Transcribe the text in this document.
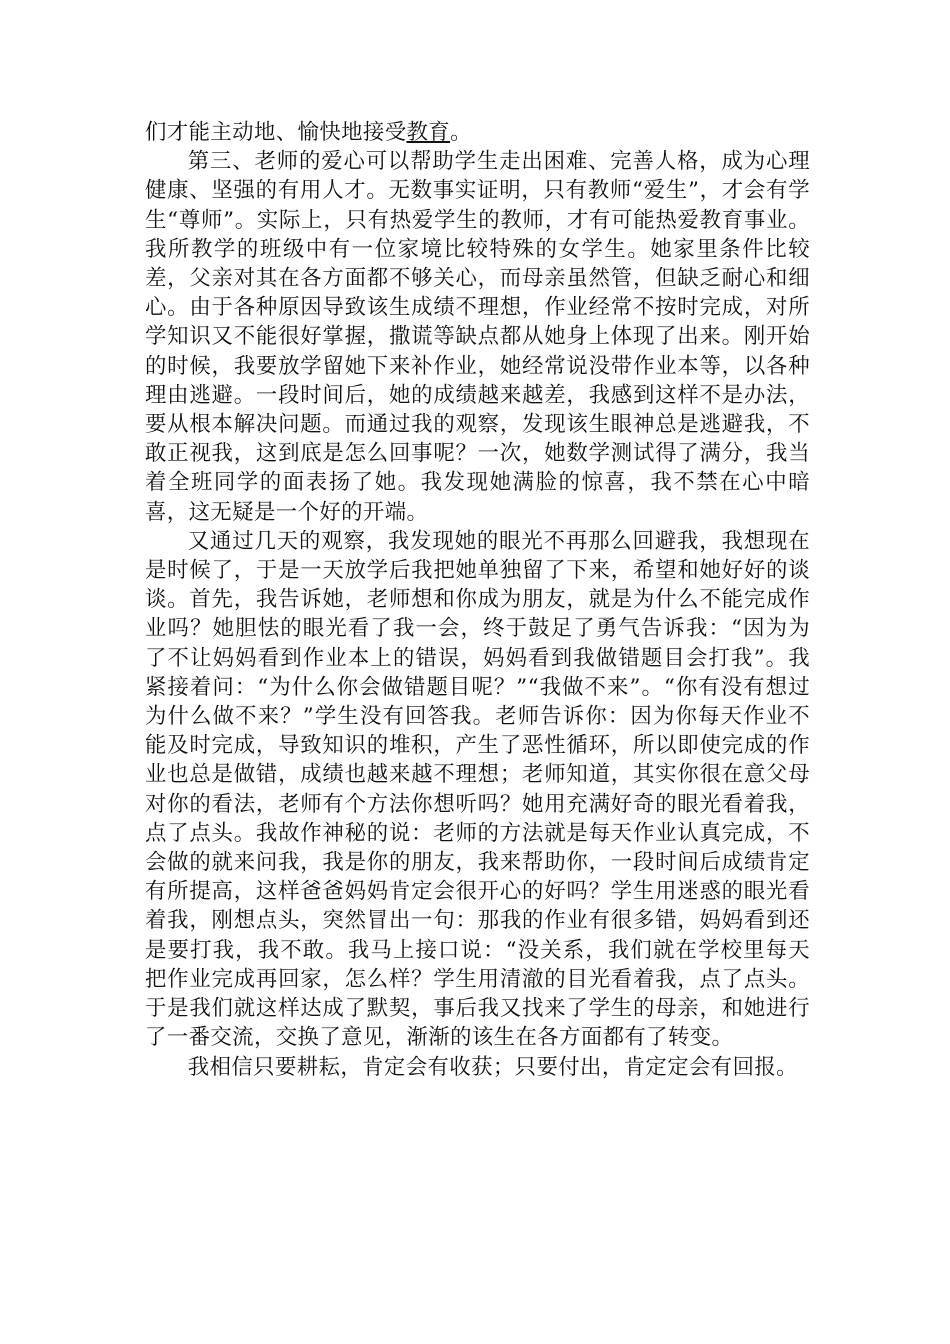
们才能主动地、愉快地接受教育。

第三、老师的爱心可以帮助学生走出困难、完善人格，成为心理健康、坚强的有用人才。无数事实证明，只有教师“爱生”，才会有学生“尊师”。实际上，只有热爱学生的教师，才有可能热爱教育事业。我所教学的班级中有一位家境比较特殊的女学生。她家里条件比较差，父亲对其在各方面都不够关心，而母亲虽然管，但缺乏耐心和细心。由于各种原因导致该生成绩不理想，作业经常不按时完成，对所学知识又不能很好掌握，撒谎等缺点都从她身上体现了出来。刚开始的时候，我要放学留她下来补作业，她经常说没带作业本等，以各种理由逃避。一段时间后，她的成绩越来越差，我感到这样不是办法，要从根本解决问题。而通过我的观察，发现该生眼神总是逃避我，不敢正视我，这到底是怎么回事呢？一次，她数学测试得了满分，我当着全班同学的面表扬了她。我发现她满脸的惊喜，我不禁在心中暗喜，这无疑是一个好的开端。

又通过几天的观察，我发现她的眼光不再那么回避我，我想现在是时候了，于是一天放学后我把她单独留了下来，希望和她好好的谈谈。首先，我告诉她，老师想和你成为朋友，就是为什么不能完成作业吗？她胆怯的眼光看了我一会，终于鼓足了勇气告诉我：“因为为了不让妈妈看到作业本上的错误，妈妈看到我做错题目会打我”。我紧接着问：“为什么你会做错题目呢？”“我做不来”。“你有没有想过为什么做不来？”学生没有回答我。老师告诉你：因为你每天作业不能及时完成，导致知识的堆积，产生了恶性循环，所以即使完成的作业也总是做错，成绩也越来越不理想；老师知道，其实你很在意父母对你的看法，老师有个方法你想听吗？她用充满好奇的眼光看着我，点了点头。我故作神秘的说：老师的方法就是每天作业认真完成，不会做的就来问我，我是你的朋友，我来帮助你，一段时间后成绩肯定有所提高，这样爸爸妈妈肯定会很开心的好吗？学生用迷惑的眼光看着我，刚想点头，突然冒出一句：那我的作业有很多错，妈妈看到还是要打我，我不敢。我马上接口说：“没关系，我们就在学校里每天把作业完成再回家，怎么样？学生用清澈的目光看着我，点了点头。于是我们就这样达成了默契，事后我又找来了学生的母亲，和她进行了一番交流，交换了意见，渐渐的该生在各方面都有了转变。

我相信只要耕耘，肯定会有收获；只要付出，肯定定会有回报。
